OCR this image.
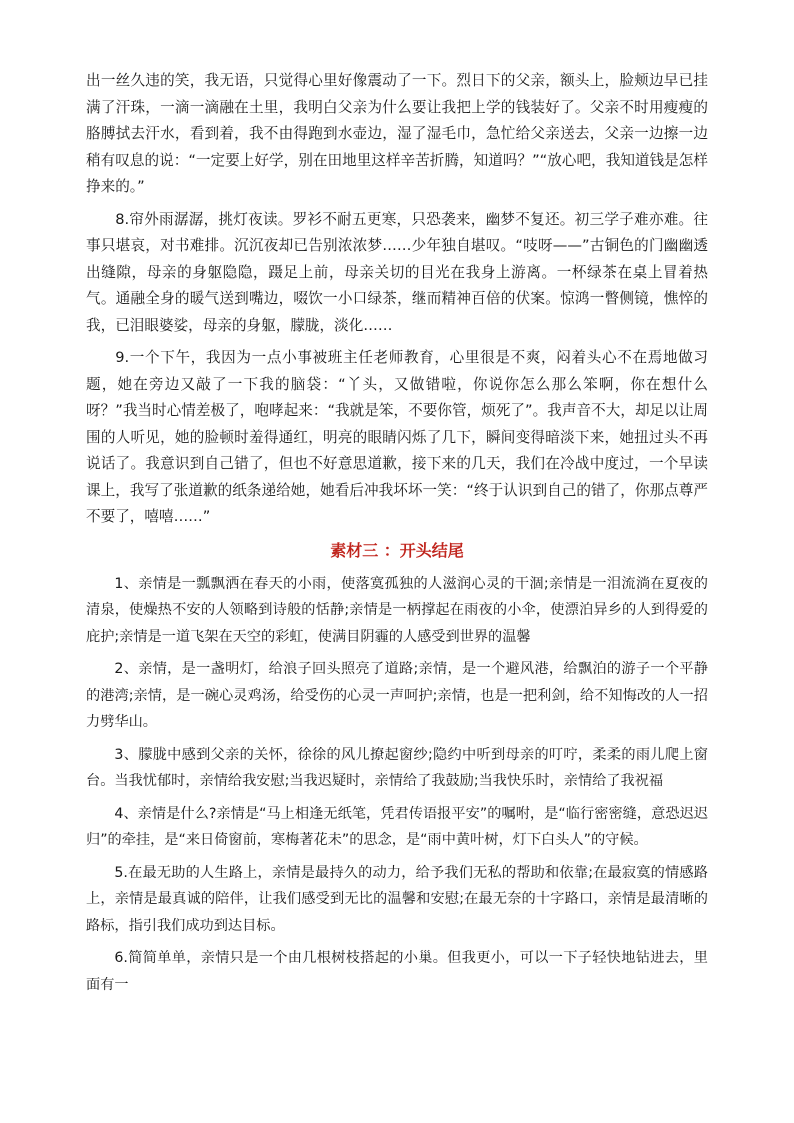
出一丝久违的笑，我无语，只觉得心里好像震动了一下。烈日下的父亲，额头上，脸颊边早已挂满了汗珠，一滴一滴融在土里，我明白父亲为什么要让我把上学的钱装好了。父亲不时用瘦瘦的胳膊拭去汗水，看到着，我不由得跑到水壶边，湿了湿毛巾，急忙给父亲送去，父亲一边擦一边稍有叹息的说：“一定要上好学，别在田地里这样辛苦折腾，知道吗？”“放心吧，我知道钱是怎样挣来的。”

8.帘外雨潺潺，挑灯夜读。罗衫不耐五更寒，只恐袭来，幽梦不复还。初三学子难亦难。往事只堪哀，对书难排。沉沉夜却已告别浓浓梦……少年独自堪叹。“吱呀——”古铜色的门幽幽透出缝隙，母亲的身躯隐隐，蹑足上前，母亲关切的目光在我身上游离。一杯绿茶在桌上冒着热气。通融全身的暖气送到嘴边，啜饮一小口绿茶，继而精神百倍的伏案。惊鸿一瞥侧镜，憔悴的我，已泪眼婆娑，母亲的身躯，朦胧，淡化……

9.一个下午，我因为一点小事被班主任老师教育，心里很是不爽，闷着头心不在焉地做习题，她在旁边又敲了一下我的脑袋：“丫头，又做错啦，你说你怎么那么笨啊，你在想什么呀？”我当时心情差极了，咆哮起来：“我就是笨，不要你管，烦死了”。我声音不大，却足以让周围的人听见，她的脸顿时羞得通红，明亮的眼睛闪烁了几下，瞬间变得暗淡下来，她扭过头不再说话了。我意识到自己错了，但也不好意思道歉，接下来的几天，我们在冷战中度过，一个早读课上，我写了张道歉的纸条递给她，她看后冲我坏坏一笑：“终于认识到自己的错了，你那点尊严不要了，嘻嘻……”

素材三 ：开头结尾

1、亲情是一瓢飘洒在春天的小雨，使落寞孤独的人滋润心灵的干涸;亲情是一泪流淌在夏夜的清泉，使燥热不安的人领略到诗般的恬静;亲情是一柄撑起在雨夜的小伞，使漂泊异乡的人到得爱的庇护;亲情是一道飞架在天空的彩虹，使满目阴霾的人感受到世界的温馨

2、亲情，是一盏明灯，给浪子回头照亮了道路;亲情，是一个避风港，给飘泊的游子一个平静的港湾;亲情，是一碗心灵鸡汤，给受伤的心灵一声呵护;亲情，也是一把利剑，给不知悔改的人一招力劈华山。

3、朦胧中感到父亲的关怀，徐徐的风儿撩起窗纱;隐约中听到母亲的叮咛，柔柔的雨儿爬上窗台。当我忧郁时，亲情给我安慰;当我迟疑时，亲情给了我鼓励;当我快乐时，亲情给了我祝福

4、亲情是什么?亲情是“马上相逢无纸笔，凭君传语报平安”的嘱咐，是“临行密密缝，意恐迟迟归”的牵挂，是“来日倚窗前，寒梅著花未”的思念，是“雨中黄叶树，灯下白头人”的守候。

5.在最无助的人生路上，亲情是最持久的动力，给予我们无私的帮助和依靠;在最寂寞的情感路上，亲情是最真诚的陪伴，让我们感受到无比的温馨和安慰;在最无奈的十字路口，亲情是最清晰的路标，指引我们成功到达目标。

6.简简单单，亲情只是一个由几根树枝搭起的小巢。但我更小，可以一下子轻快地钻进去，里面有一
